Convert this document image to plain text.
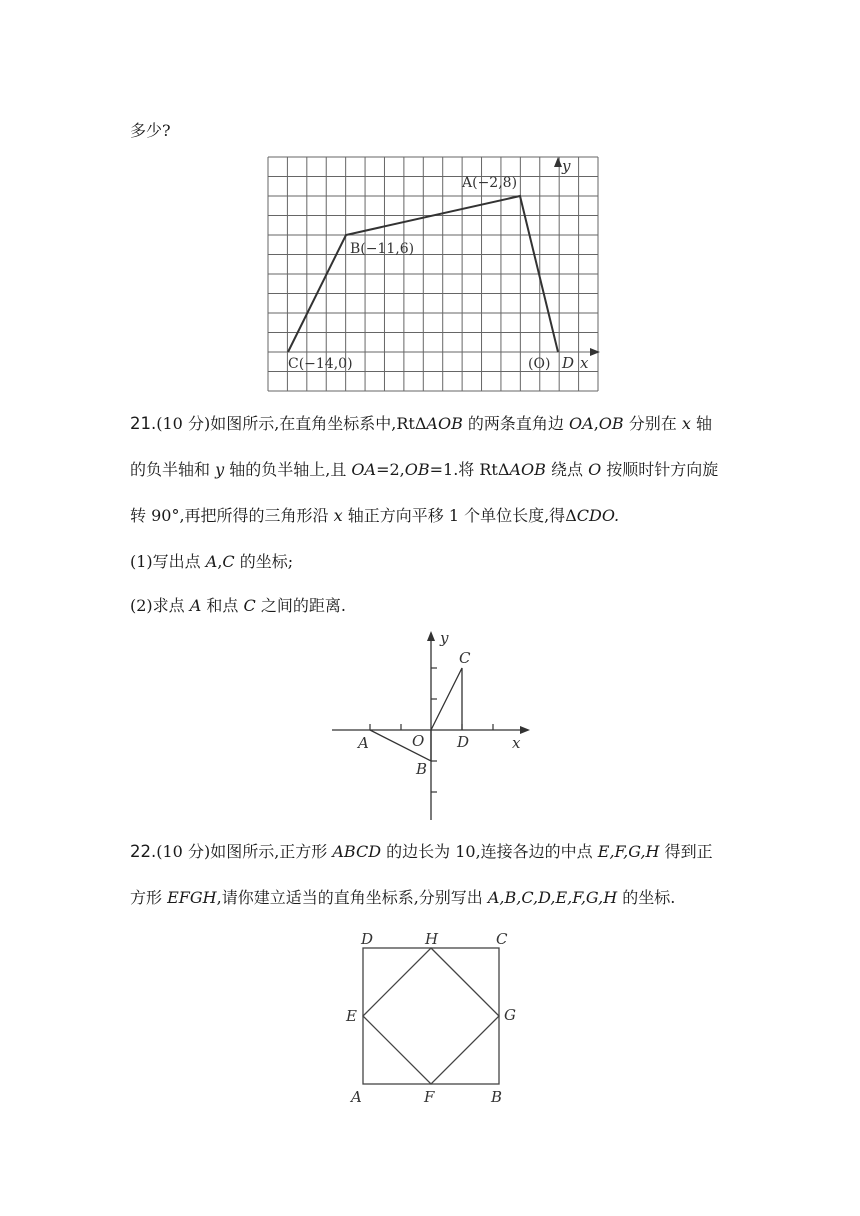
多少?
A(−2,8)
B(−11,6)
C(−14,0)	(O) D x
y
21.(10 分)如图所示,在直角坐标系中,RtΔAOB 的两条直角边 OA,OB 分别在 x 轴
的负半轴和 y 轴的负半轴上,且 OA=2,OB=1.将 RtΔAOB 绕点 O 按顺时针方向旋
转 90°,再把所得的三角形沿 x 轴正方向平移 1 个单位长度,得ΔCDO.
(1)写出点 A,C 的坐标;
(2)求点 A 和点 C 之间的距离.
y
x
C
A	O D
B
22.(10 分)如图所示,正方形 ABCD 的边长为 10,连接各边的中点 E,F,G,H 得到正
方形 EFGH,请你建立适当的直角坐标系,分别写出 A,B,C,D,E,F,G,H 的坐标.
D	H	C
E	G
A	F	B
